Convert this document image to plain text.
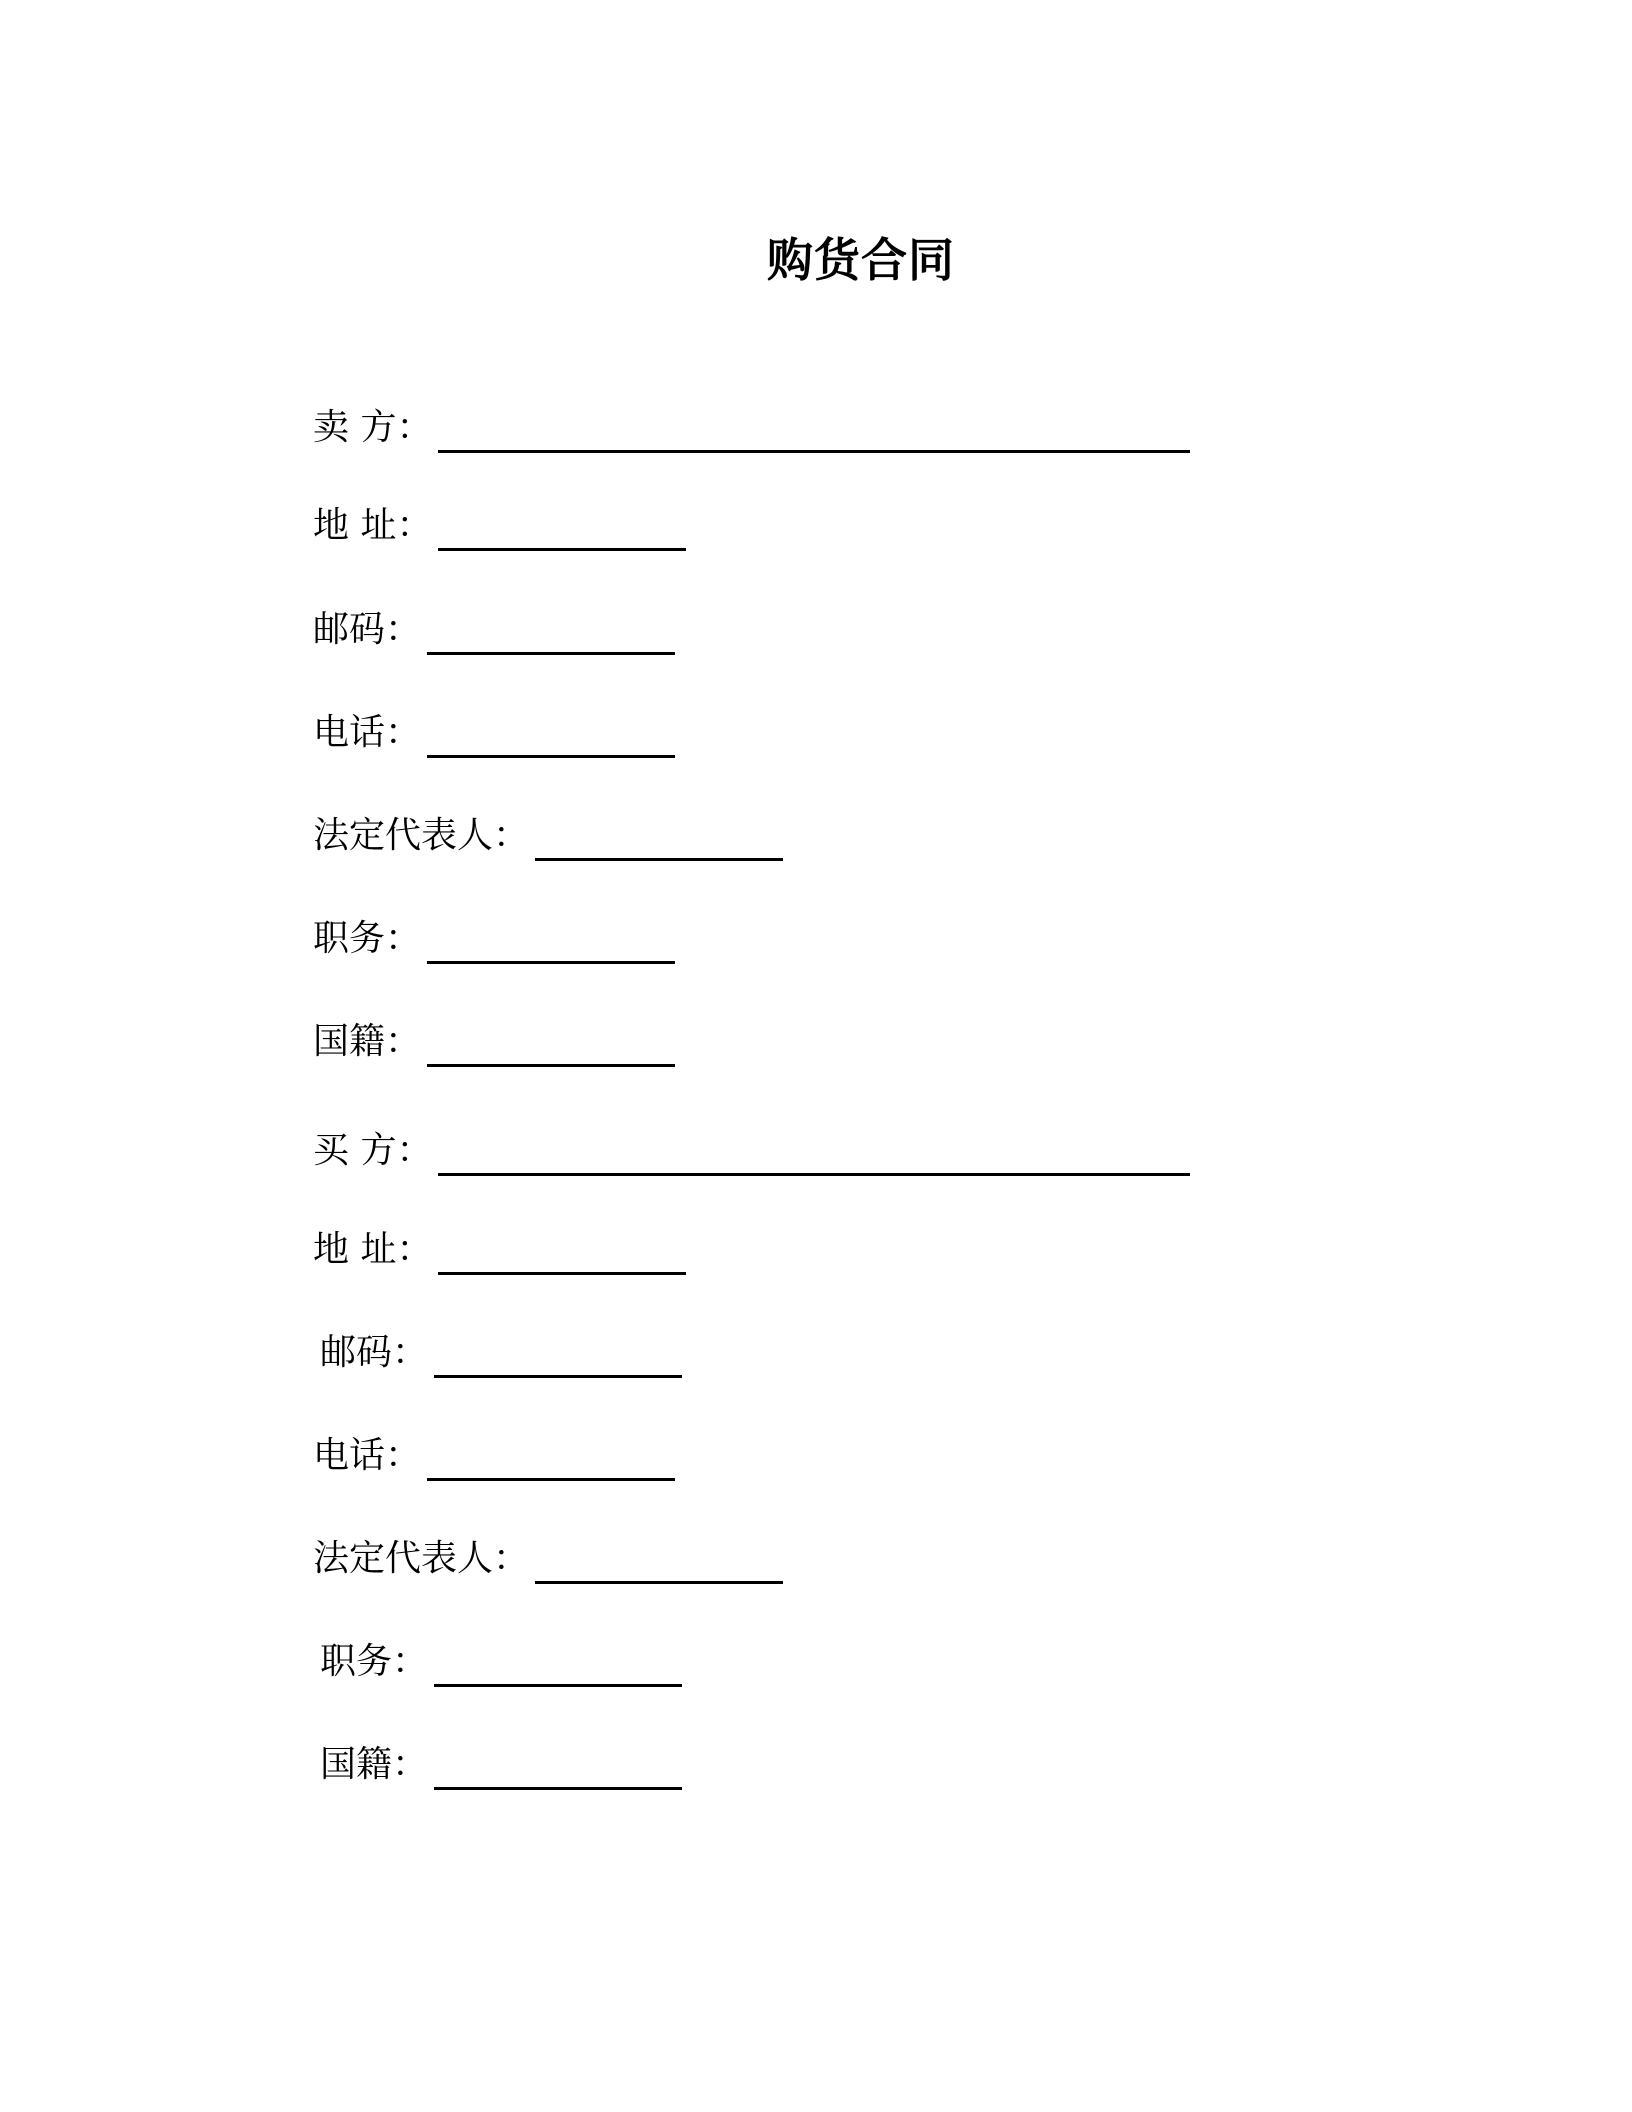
购货合同
卖 方：
地 址：
邮码：
电话：
法定代表人：
职务：
国籍：
买 方：
地 址：
邮码：
电话：
法定代表人：
职务：
国籍：
